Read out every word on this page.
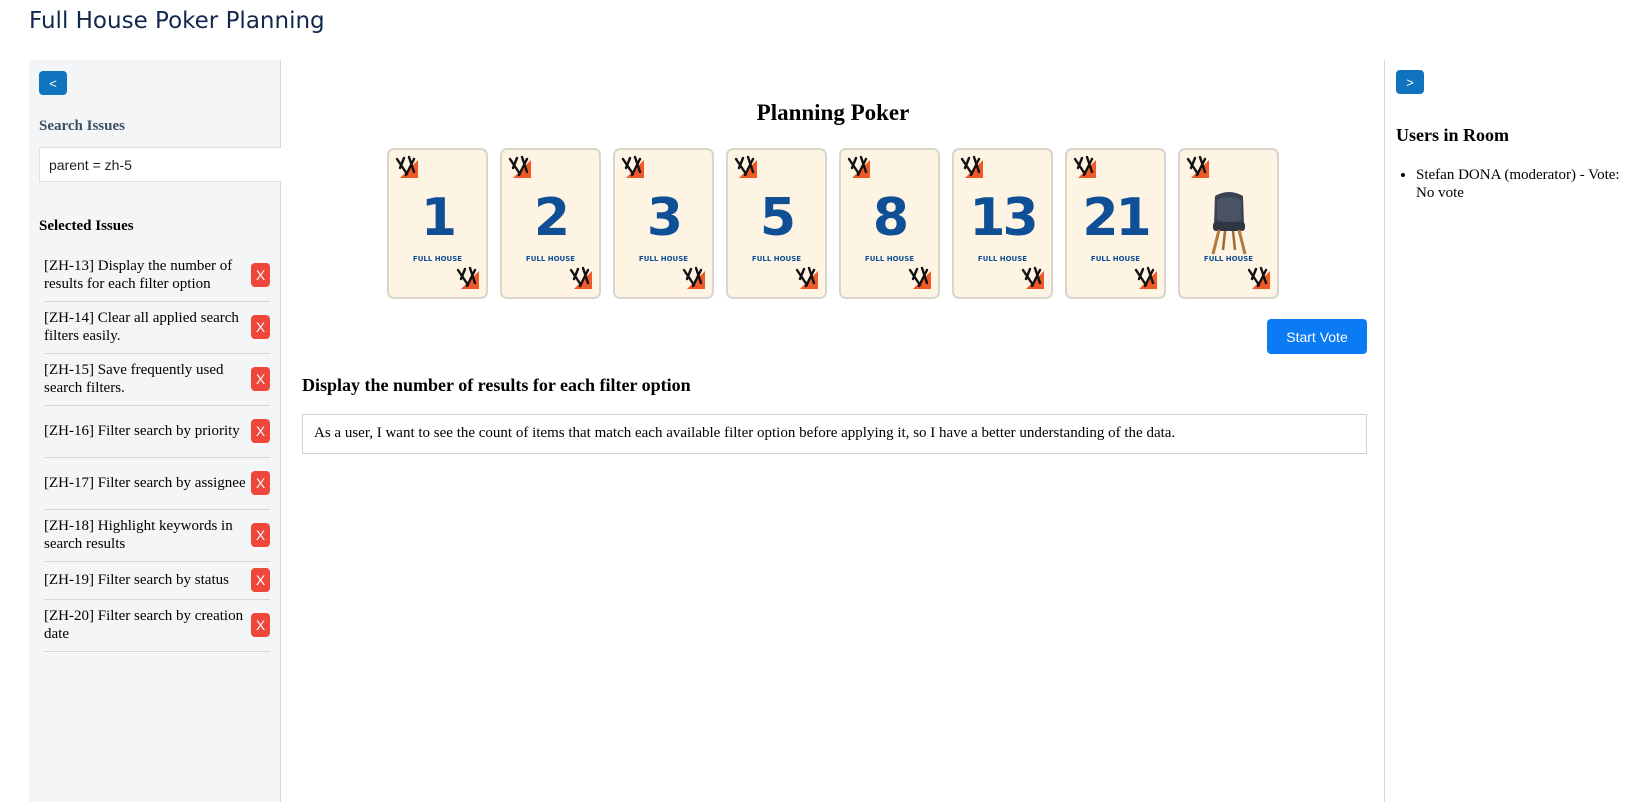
Full House Poker Planning
<
Search Issues
parent = zh-5
Selected Issues
[ZH-13] Display the number of results for each filter option
X
[ZH-14] Clear all applied search filters easily.
X
[ZH-15] Save frequently used search filters.
X
[ZH-16] Filter search by priority	X
[ZH-17] Filter search by assignee X
[ZH-18] Highlight keywords in search results
X
[ZH-19] Filter search by status	X
[ZH-20] Filter search by creation date
X
Planning Poker
1
FULL HOUSE
2
FULL HOUSE
3
FULL HOUSE
5
FULL HOUSE
8
FULL HOUSE
13
FULL HOUSE
21
FULL HOUSE	FULL HOUSE
Start Vote
Display the number of results for each filter option
As a user, I want to see the count of items that match each available filter option before applying it, so I have a better understanding of the data.
>
Users in Room
• Stefan DONA (moderator) - Vote: No vote
